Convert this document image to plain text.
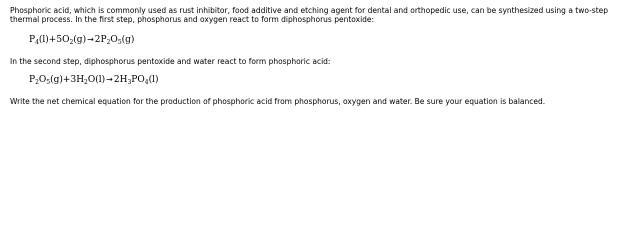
Phosphoric acid, which is commonly used as rust inhibitor, food additive and etching agent for dental and orthopedic use, can be synthesized using a two-step thermal process. In the first step, phosphorus and oxygen react to form diphosphorus pentoxide:

$P_4(l)+5O_2(g)\to 2P_2O_5(g)$

In the second step, diphosphorus pentoxide and water react to form phosphoric acid:

$P_2O_5(g)+3H_2O(l)\to 2H_3PO_4(l)$

Write the net chemical equation for the production of phosphoric acid from phosphorus, oxygen and water. Be sure your equation is balanced.
